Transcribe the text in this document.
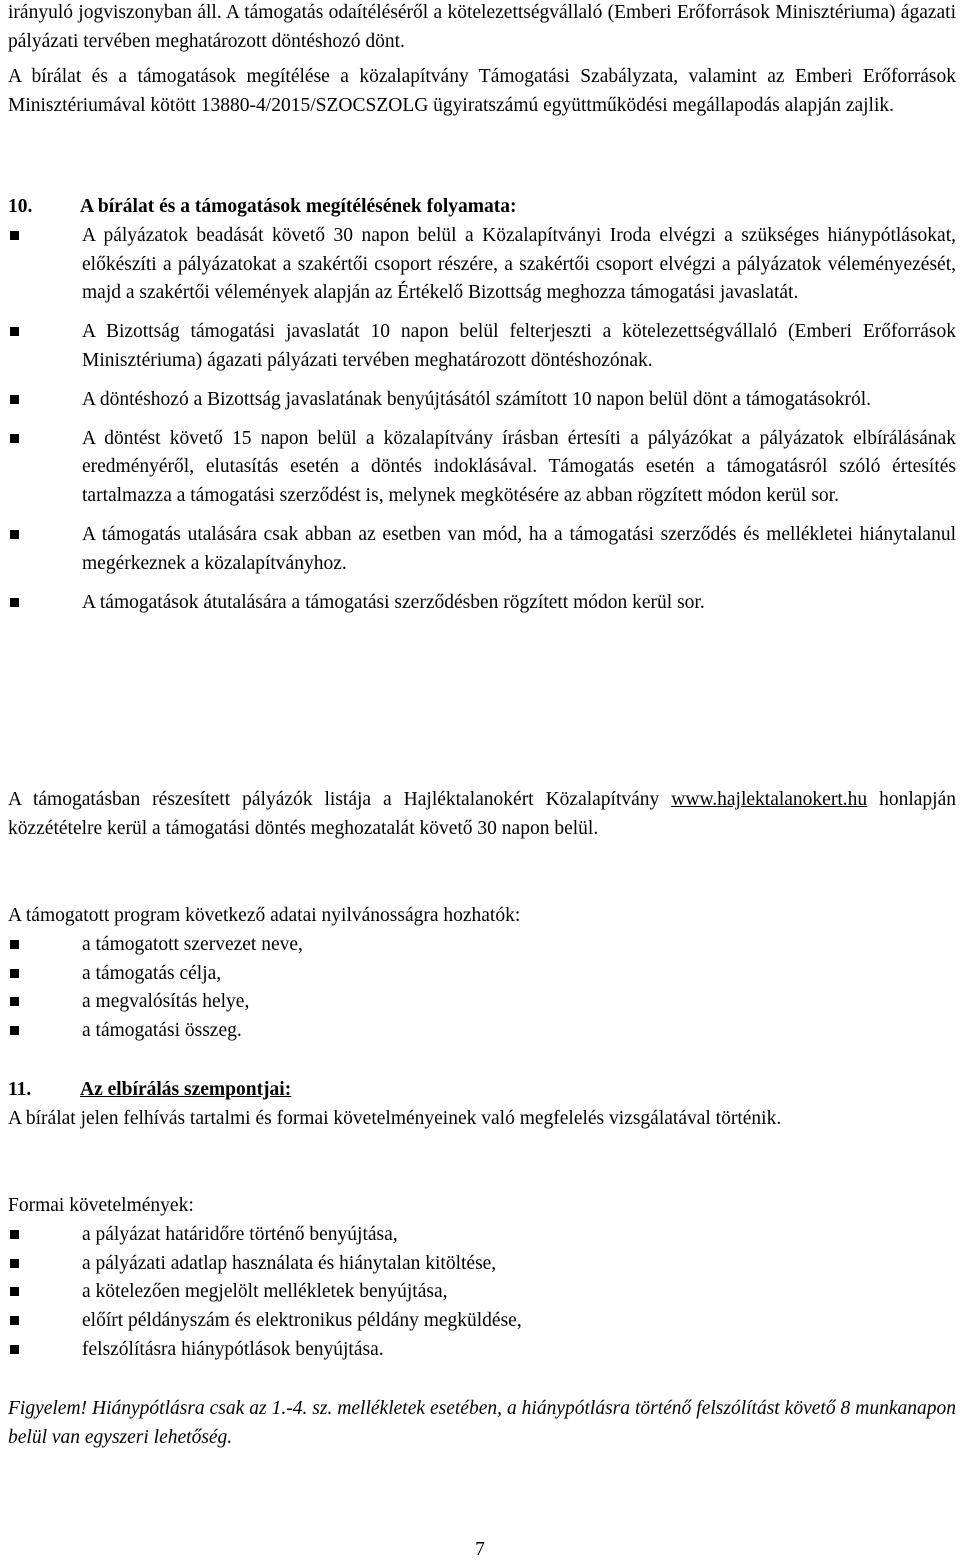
irányuló jogviszonyban áll. A támogatás odaítéléséről a kötelezettségvállaló (Emberi Erőforrások Minisztériuma) ágazati pályázati tervében meghatározott döntéshozó dönt.

A bírálat és a támogatások megítélése a közalapítvány Támogatási Szabályzata, valamint az Emberi Erőforrások Minisztériumával kötött 13880-4/2015/SZOCSZOLG ügyiratszámú együttműködési megállapodás alapján zajlik.

10. A bírálat és a támogatások megítélésének folyamata:
A pályázatok beadását követő 30 napon belül a Közalapítványi Iroda elvégzi a szükséges hiánypótlásokat, előkészíti a pályázatokat a szakértői csoport részére, a szakértői csoport elvégzi a pályázatok véleményezését, majd a szakértői vélemények alapján az Értékelő Bizottság meghozza támogatási javaslatát.
A Bizottság támogatási javaslatát 10 napon belül felterjeszti a kötelezettségvállaló (Emberi Erőforrások Minisztériuma) ágazati pályázati tervében meghatározott döntéshozónak.
A döntéshozó a Bizottság javaslatának benyújtásától számított 10 napon belül dönt a támogatásokról.
A döntést követő 15 napon belül a közalapítvány írásban értesíti a pályázókat a pályázatok elbírálásának eredményéről, elutasítás esetén a döntés indoklásával. Támogatás esetén a támogatásról szóló értesítés tartalmazza a támogatási szerződést is, melynek megkötésére az abban rögzített módon kerül sor.
A támogatás utalására csak abban az esetben van mód, ha a támogatási szerződés és mellékletei hiánytalanul megérkeznek a közalapítványhoz.
A támogatások átutalására a támogatási szerződésben rögzített módon kerül sor.

A támogatásban részesített pályázók listája a Hajléktalanokért Közalapítvány www.hajlektalanokert.hu honlapján közzétételre kerül a támogatási döntés meghozatalát követő 30 napon belül.

A támogatott program következő adatai nyilvánosságra hozhatók:

a támogatott szervezet neve,
a támogatás célja,
a megvalósítás helye,
a támogatási összeg.
11. Az elbírálás szempontjai:

A bírálat jelen felhívás tartalmi és formai követelményeinek való megfelelés vizsgálatával történik.

Formai követelmények:

a pályázat határidőre történő benyújtása,
a pályázati adatlap használata és hiánytalan kitöltése,
a kötelezően megjelölt mellékletek benyújtása,
előírt példányszám és elektronikus példány megküldése,
felszólításra hiánypótlások benyújtása.

Figyelem! Hiánypótlásra csak az 1.-4. sz. mellékletek esetében, a hiánypótlásra történő felszólítást követő 8 munkanapon belül van egyszeri lehetőség.

7
